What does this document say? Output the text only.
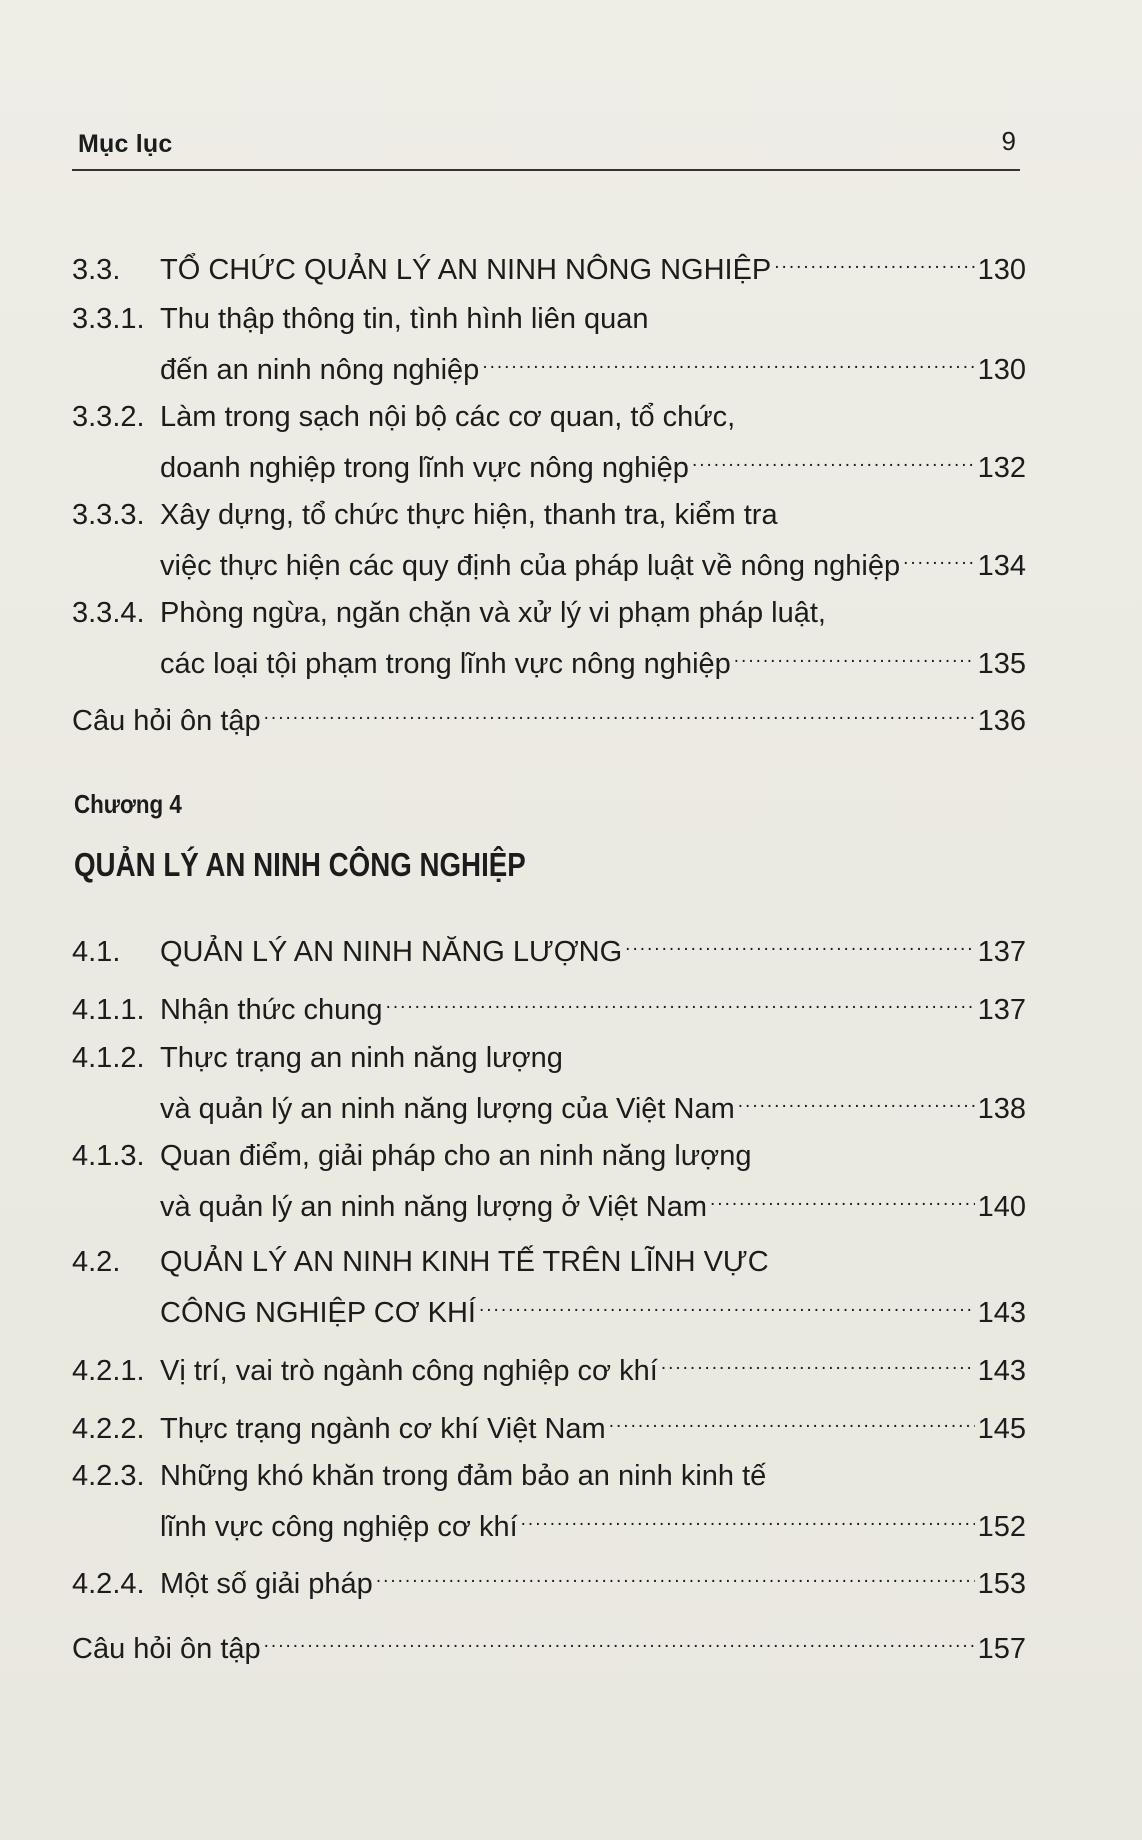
Mục lục	9
3.3.	TỔ CHỨC QUẢN LÝ AN NINH NÔNG NGHIỆP .....	130
3.3.1. Thu thập thông tin, tình hình liên quan
đến an ninh nông nghiệp .....	130
3.3.2. Làm trong sạch nội bộ các cơ quan, tổ chức,
doanh nghiệp trong lĩnh vực nông nghiệp .....	132
3.3.3. Xây dựng, tổ chức thực hiện, thanh tra, kiểm tra
việc thực hiện các quy định của pháp luật về nông nghiệp .....	134
3.3.4. Phòng ngừa, ngăn chặn và xử lý vi phạm pháp luật,
các loại tội phạm trong lĩnh vực nông nghiệp .....	135
Câu hỏi ôn tập .....	136
4.1.	QUẢN LÝ AN NINH NĂNG LƯỢNG .....	137
4.1.1. Nhận thức chung .....	137
4.1.2. Thực trạng an ninh năng lượng
và quản lý an ninh năng lượng của Việt Nam .....	138
4.1.3. Quan điểm, giải pháp cho an ninh năng lượng
và quản lý an ninh năng lượng ở Việt Nam .....	140
4.2.	QUẢN LÝ AN NINH KINH TẾ TRÊN LĨNH VỰC
CÔNG NGHIỆP CƠ KHÍ .....	143
4.2.1. Vị trí, vai trò ngành công nghiệp cơ khí .....	143
4.2.2. Thực trạng ngành cơ khí Việt Nam .....	145
4.2.3. Những khó khăn trong đảm bảo an ninh kinh tế
lĩnh vực công nghiệp cơ khí .....	152
4.2.4. Một số giải pháp .....	153
Câu hỏi ôn tập .....	157
Chương 4
QUẢN LÝ AN NINH CÔNG NGHIỆP
